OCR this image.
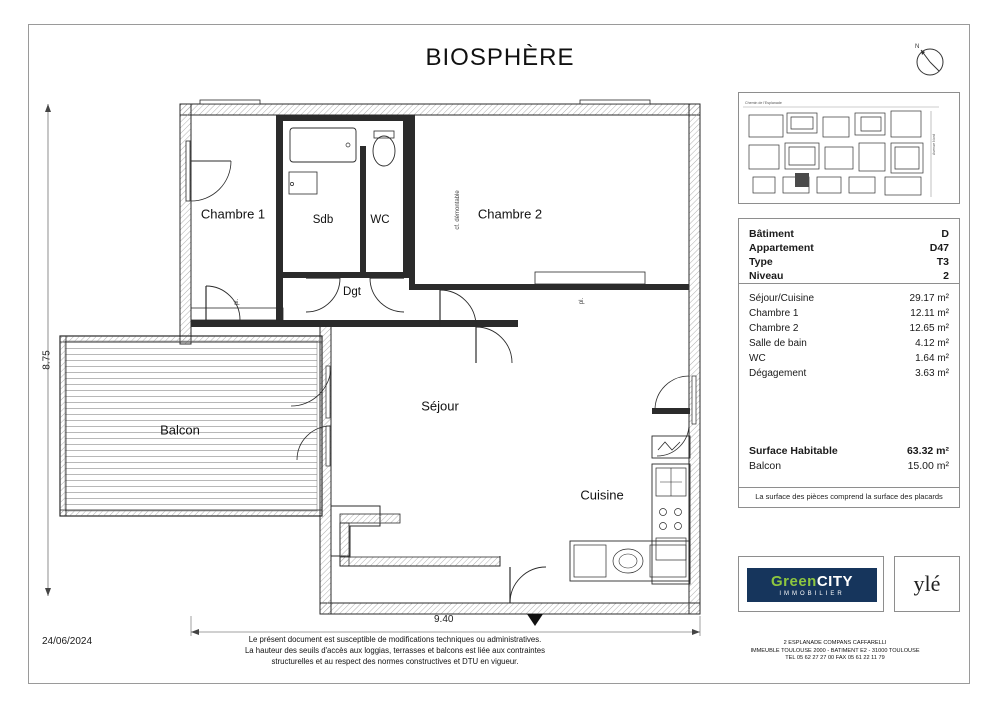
BIOSPHÈRE	N
Chambre 1	Sdb	WC	Chambre 2
Dgt
Séjour
Cuisine
Balcon
pl.	pl.
cf. démontable
8.75
9.40
Chemin de l'Esplanade
Avenue Nord
Bâtiment	D
Appartement	D47
Type	T3
Niveau	2
Séjour/Cuisine	29.17 m²
Chambre 1	12.11 m²
Chambre 2	12.65 m²
Salle de bain	4.12 m²
WC	1.64 m²
Dégagement	3.63 m²
Surface Habitable	63.32 m²
Balcon	15.00 m²
La surface des pièces comprend la surface des placards
GreenCITY
IMMOBILIER	ylé
24/06/2024	Le présent document est susceptible de modifications techniques ou administratives.
La hauteur des seuils d'accès aux loggias, terrasses et balcons est liée aux contraintes
structurelles et au respect des normes constructives et DTU en vigueur.
2 ESPLANADE COMPANS CAFFARELLI
IMMEUBLE TOULOUSE 2000 - BATIMENT E2 - 31000 TOULOUSE
TEL 05 62 27 27 00 FAX 05 61 22 11 79
